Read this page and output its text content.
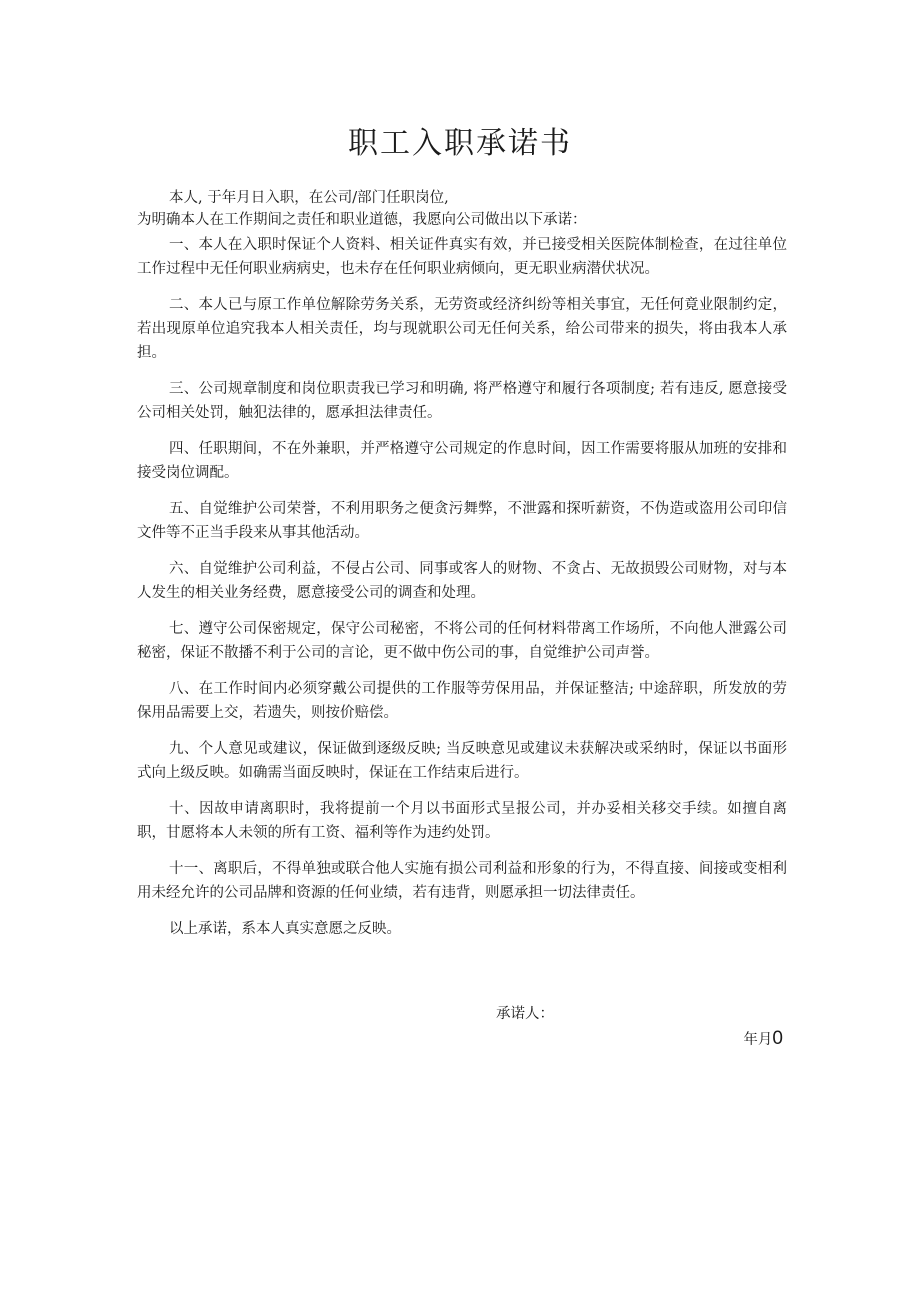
职工入职承诺书
本人, 于年月日入职，在公司/部门任职岗位,
为明确本人在工作期间之责任和职业道德，我愿向公司做出以下承诺：

一、本人在入职时保证个人资料、相关证件真实有效，并已接受相关医院体制检查，在过往单位工作过程中无任何职业病病史，也未存在任何职业病倾向，更无职业病潜伏状况。

二、本人已与原工作单位解除劳务关系，无劳资或经济纠纷等相关事宜，无任何竟业限制约定，若出现原单位追究我本人相关责任，均与现就职公司无任何关系，给公司带来的损失，将由我本人承担。

三、公司规章制度和岗位职责我已学习和明确, 将严格遵守和履行各项制度; 若有违反, 愿意接受公司相关处罚，触犯法律的，愿承担法律责任。

四、任职期间，不在外兼职，并严格遵守公司规定的作息时间，因工作需要将服从加班的安排和接受岗位调配。

五、自觉维护公司荣誉，不利用职务之便贪污舞弊，不泄露和探听薪资，不伪造或盗用公司印信文件等不正当手段来从事其他活动。

六、自觉维护公司利益，不侵占公司、同事或客人的财物、不贪占、无故损毁公司财物，对与本人发生的相关业务经费，愿意接受公司的调查和处理。

七、遵守公司保密规定，保守公司秘密，不将公司的任何材料带离工作场所，不向他人泄露公司秘密，保证不散播不利于公司的言论，更不做中伤公司的事，自觉维护公司声誉。

八、在工作时间内必须穿戴公司提供的工作服等劳保用品，并保证整洁; 中途辞职，所发放的劳保用品需要上交，若遗失，则按价赔偿。

九、个人意见或建议，保证做到逐级反映; 当反映意见或建议未获解决或采纳时，保证以书面形式向上级反映。如确需当面反映时，保证在工作结束后进行。

十、因故申请离职时，我将提前一个月以书面形式呈报公司，并办妥相关移交手续。如擅自离职，甘愿将本人未领的所有工资、福利等作为违约处罚。

十一、离职后，不得单独或联合他人实施有损公司利益和形象的行为，不得直接、间接或变相利用未经允许的公司品牌和资源的任何业绩，若有违背，则愿承担一切法律责任。

以上承诺，系本人真实意愿之反映。

承诺人：
年月0
